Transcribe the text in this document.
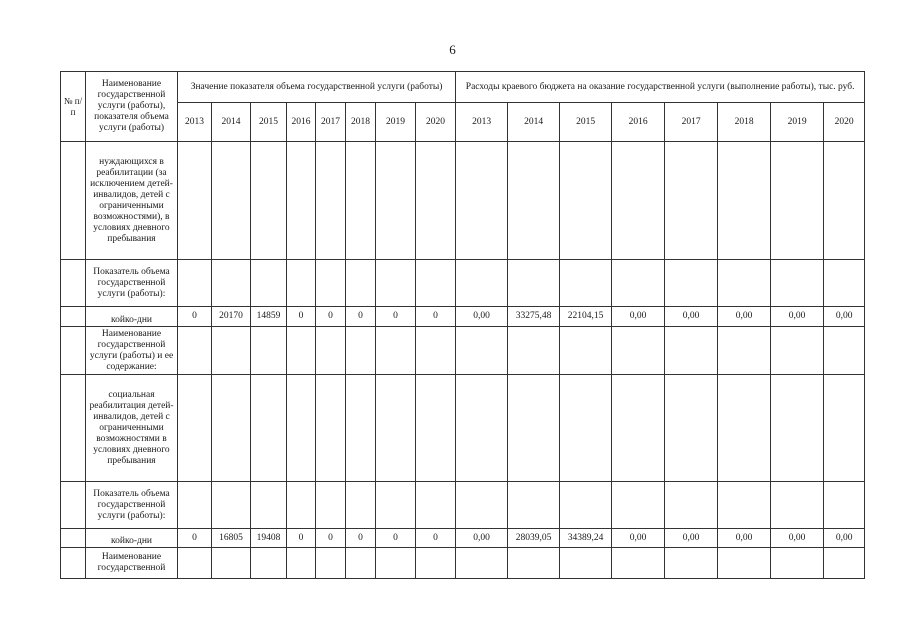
6
№ п/ п	Наименование государственной услуги (работы), показателя объема услуги (работы)	Значение показателя объема государственной услуги (работы)								Расходы краевого бюджета на оказание государственной услуги (выполнение работы), тыс. руб.							
		2013	2014	2015	2016	2017	2018	2019	2020	2013	2014	2015	2016	2017	2018	2019	2020
	нуждающихся в реабилитации (за исключением детей-инвалидов, детей с ограниченными возможностями), в условиях дневного пребывания																
	Показатель объема государственной услуги (работы):																
	койко-дни	0	20170	14859	0	0	0	0	0	0,00	33275,48	22104,15	0,00	0,00	0,00	0,00	0,00
	Наименование государственной услуги (работы) и ее содержание:																
	социальная реабилитация детей-инвалидов, детей с ограниченными возможностями в условиях дневного пребывания																
	Показатель объема государственной услуги (работы):																
	койко-дни	0	16805	19408	0	0	0	0	0	0,00	28039,05	34389,24	0,00	0,00	0,00	0,00	0,00
	Наименование государственной																
